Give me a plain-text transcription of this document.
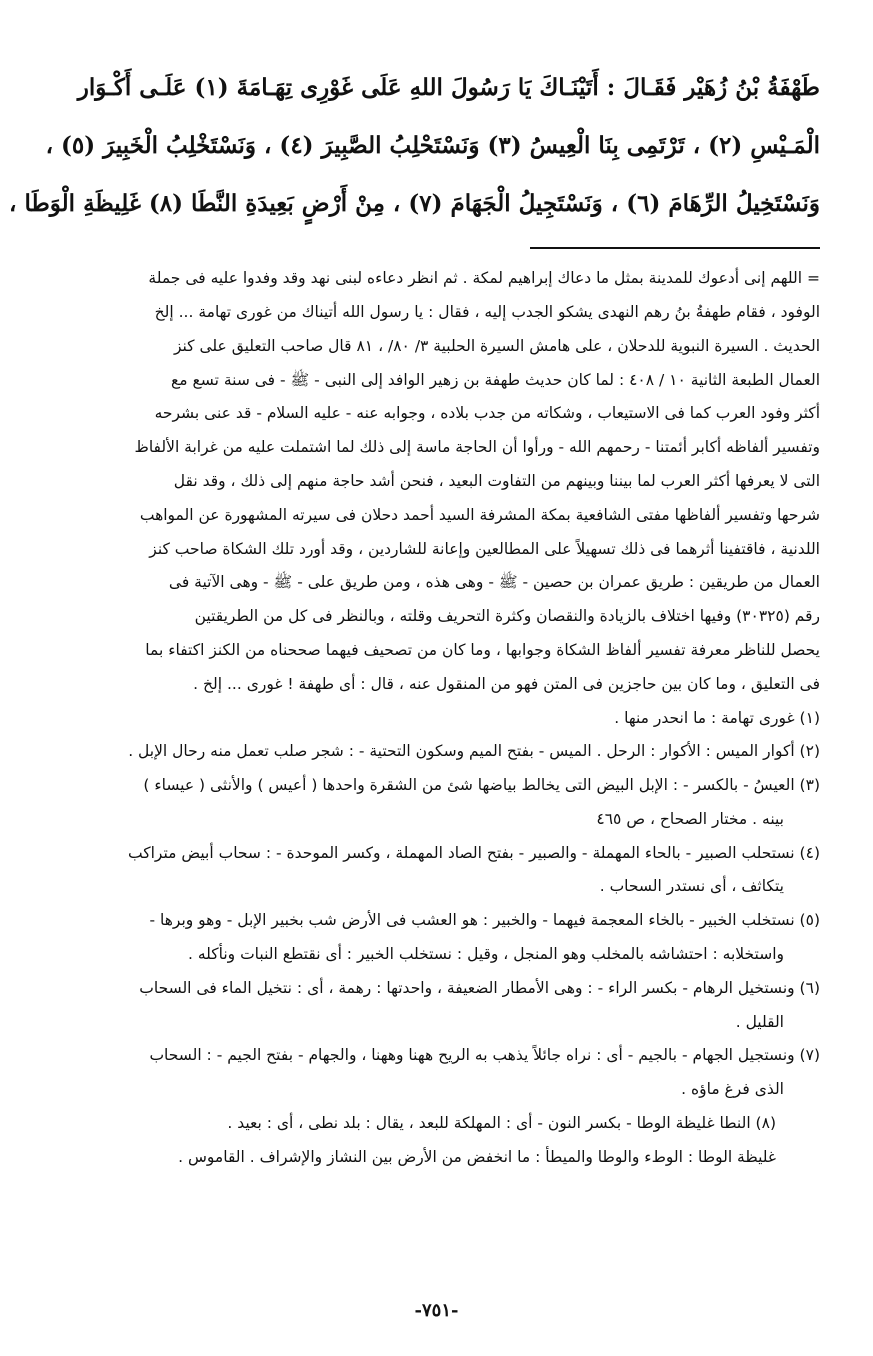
طَهْفَةُ بْنُ زُهَيْر فَقَـالَ : أَتَيْنَـاكَ يَا رَسُولَ اللهِ عَلَى غَوْرِى تِهَـامَةَ (١) عَلَـى أَكْـوَار
الْمَـيْسِ (٢) ، تَرْتَمِى بِنَا الْعِيسُ (٣) وَنَسْتَحْلِبُ الصَّبِيرَ (٤) ، وَنَسْتَخْلِبُ الْخَبِيرَ (٥) ،
وَنَسْتَخِيلُ الرِّهَامَ (٦) ، وَنَسْتَجِيلُ الْجَهَامَ (٧) ، مِنْ أَرْضٍ بَعِيدَةِ النَّطَا (٨) غَلِيظَةِ الْوَطَا ،
= اللهم إنى أدعوك للمدينة بمثل ما دعاك إبراهيم لمكة . ثم انظر دعاءه لبنى نهد وقد وفدوا عليه فى جملة
الوفود ، فقام طهفةُ بنُ رهم النهدى يشكو الجدب إليه ، فقال : يا رسول الله أتيناك من غورى تهامة ... إلخ
الحديث . السيرة النبوية للدحلان ، على هامش السيرة الحلبية ٣/ ٨٠/ ، ٨١ قال صاحب التعليق على كنز
العمال الطبعة الثانية ١٠ / ٤٠٨ : لما كان حديث طهفة بن زهير الوافد إلى النبى - ﷺ - فى سنة تسع مع
أكثر وفود العرب كما فى الاستيعاب ، وشكاته من جدب بلاده ، وجوابه عنه - عليه السلام - قد عنى بشرحه
وتفسير ألفاظه أكابر أئمتنا - رحمهم الله - ورأوا أن الحاجة ماسة إلى ذلك لما اشتملت عليه من غرابة الألفاظ
التى لا يعرفها أكثر العرب لما بيننا وبينهم من التفاوت البعيد ، فنحن أشد حاجة منهم إلى ذلك ، وقد نقل
شرحها وتفسير ألفاظها مفتى الشافعية بمكة المشرفة السيد أحمد دحلان فى سيرته المشهورة عن المواهب
اللدنية ، فاقتفينا أثرهما فى ذلك تسهيلاً على المطالعين وإعانة للشاردين ، وقد أورد تلك الشكاة صاحب كنز
العمال من طريقين : طريق عمران بن حصين - ﷺ - وهى هذه ، ومن طريق على - ﷺ - وهى الآتية فى
رقم (٣٠٣٢٥) وفيها اختلاف بالزيادة والنقصان وكثرة التحريف وقلته ، وبالنظر فى كل من الطريقتين
يحصل للناظر معرفة تفسير ألفاظ الشكاة وجوابها ، وما كان من تصحيف فيهما صححناه من الكنز اكتفاء بما
فى التعليق ، وما كان بين حاجزين فى المتن فهو من المنقول عنه ، قال : أى طهفة ! غورى ... إلخ .
(١) غورى تهامة : ما انحدر منها .
(٢) أكوار الميس : الأكوار : الرحل . الميس - بفتح الميم وسكون التحتية - : شجر صلب تعمل منه رحال الإبل .
(٣) العيسُ - بالكسر - : الإبل البيض التى يخالط بياضها شئ من الشقرة واحدها ( أعيس ) والأنثى ( عيساء )
بينه . مختار الصحاح ، ص ٤٦٥
(٤) نستحلب الصبير - بالحاء المهملة - والصبير - بفتح الصاد المهملة ، وكسر الموحدة - : سحاب أبيض متراكب
يتكاثف ، أى نستدر السحاب .
(٥) نستخلب الخبير - بالخاء المعجمة فيهما - والخبير : هو العشب فى الأرض شب بخبير الإبل - وهو وبرها -
واستخلابه : احتشاشه بالمخلب وهو المنجل ، وقيل : نستخلب الخبير : أى نقتطع النبات ونأكله .
(٦) ونستخيل الرهام - بكسر الراء - : وهى الأمطار الضعيفة ، واحدتها : رهمة ، أى : نتخيل الماء فى السحاب
القليل .
(٧) ونستجيل الجهام - بالجيم - أى : نراه جائلاً يذهب به الريح ههنا وههنا ، والجهام - بفتح الجيم - : السحاب
الذى فرغ ماؤه .
(٨) النطا غليظة الوطا - بكسر النون - أى : المهلكة للبعد ، يقال : بلد نطى ، أى : بعيد .
غليظة الوطا : الوطء والوطا والميطأ : ما انخفض من الأرض بين النشاز والإشراف . القاموس .
-٧٥١-
